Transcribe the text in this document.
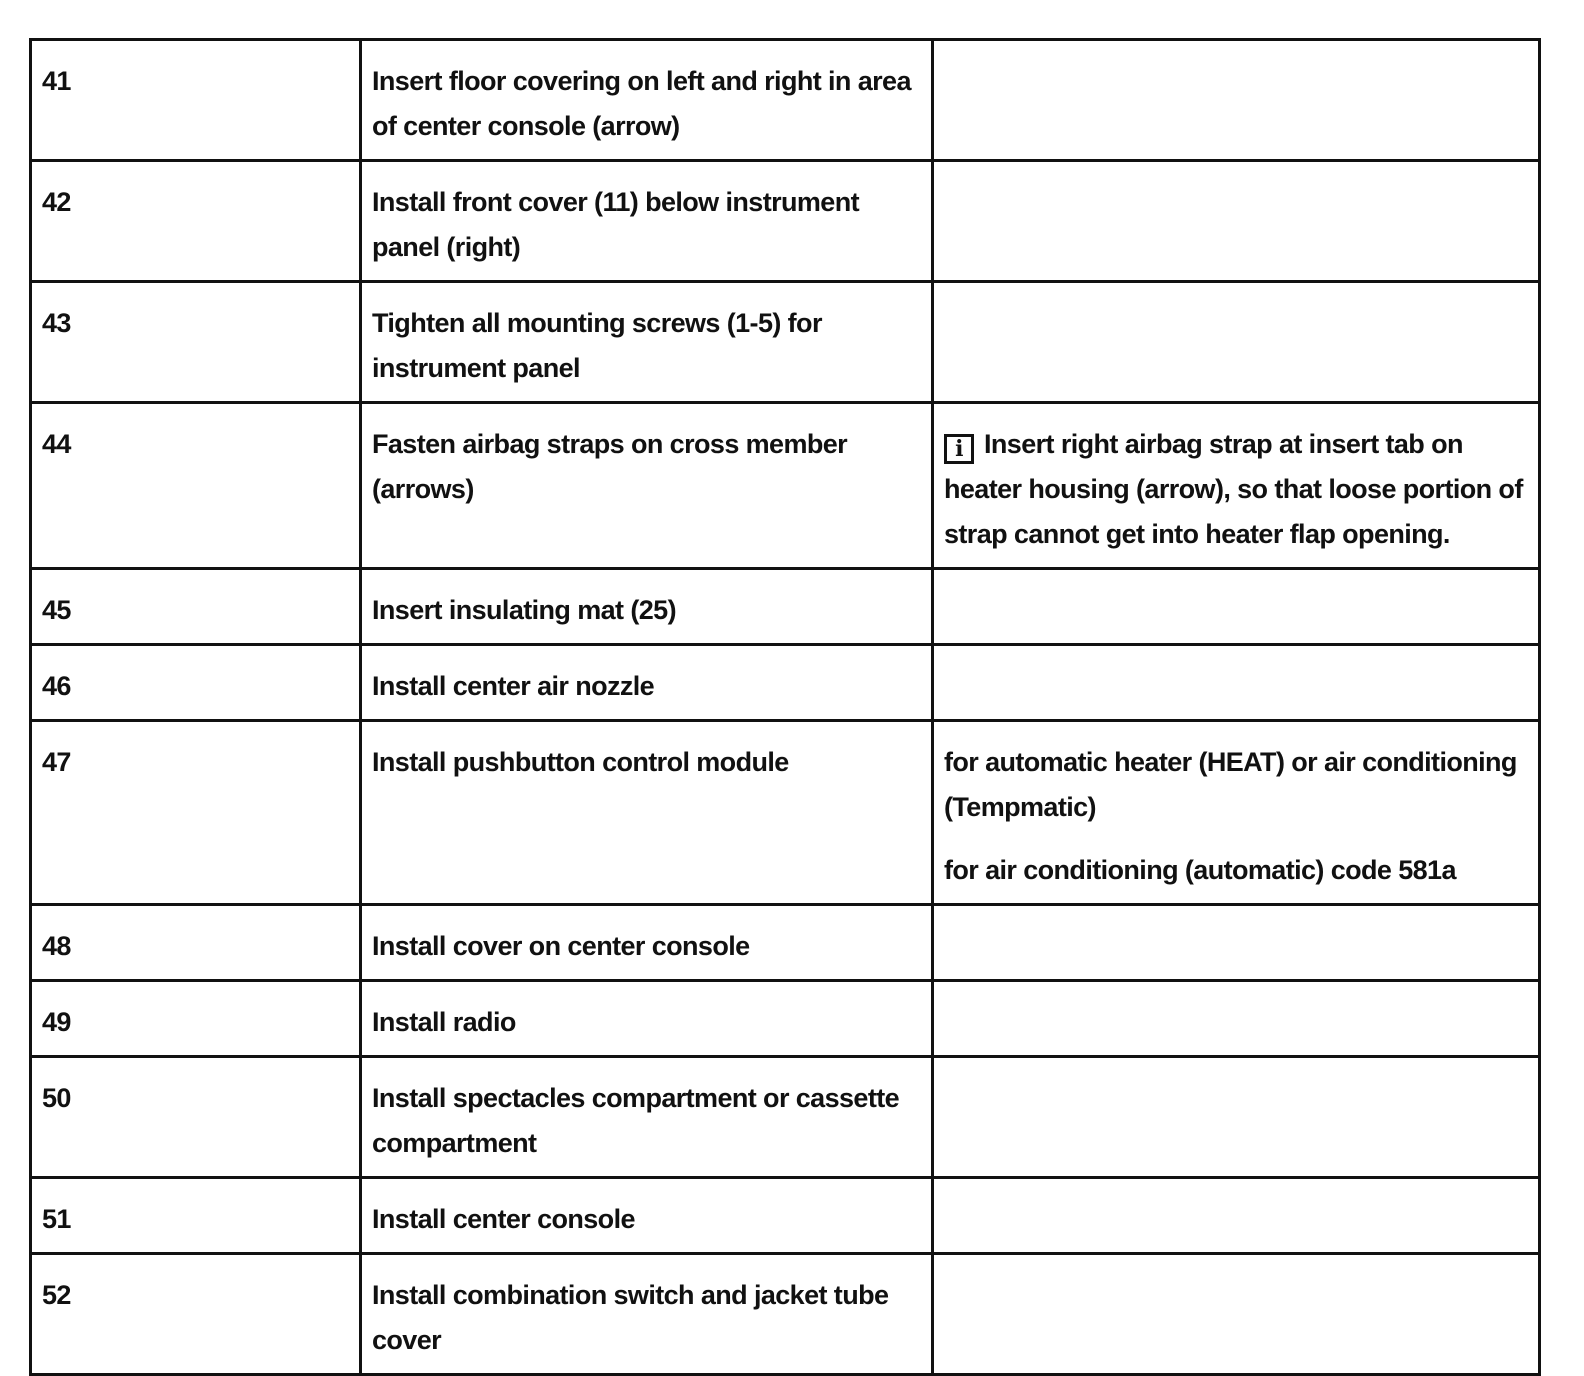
41	Insert floor covering on left and right in area of center console (arrow)	
42	Install front cover (11) below instrument panel (right)	
43	Tighten all mounting screws (1-5) for instrument panel	
44	Fasten airbag straps on cross member (arrows)	i Insert right airbag strap at insert tab on heater housing (arrow), so that loose portion of strap cannot get into heater flap opening.
45	Insert insulating mat (25)	
46	Install center air nozzle	
47	Install pushbutton control module	for automatic heater (HEAT) or air conditioning (Tempmatic)
for air conditioning (automatic) code 581a

48	Install cover on center console	
49	Install radio	
50	Install spectacles compartment or cassette compartment	
51	Install center console	
52	Install combination switch and jacket tube cover	
